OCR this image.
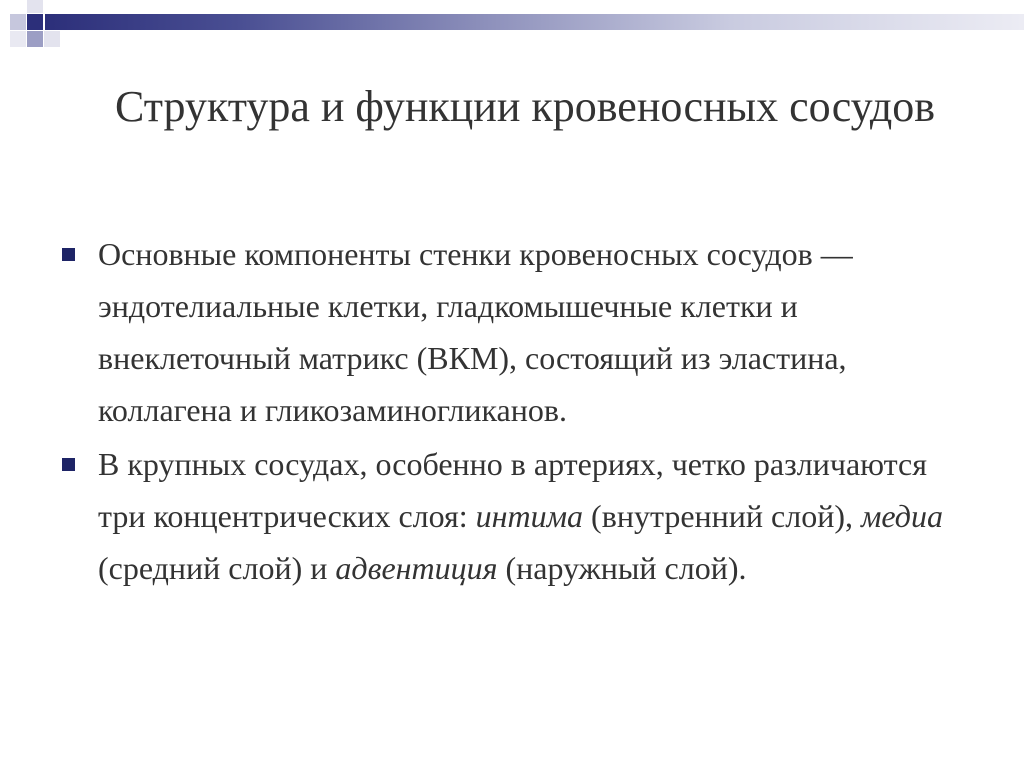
Структура и функции кровеносных сосудов
Основные компоненты стенки кровеносных сосудов — эндотелиальные клетки, гладкомышечные клетки и внеклеточный матрикс (ВКМ), состоящий из эластина, коллагена и гликозаминогликанов.
В крупных сосудах, особенно в артериях, четко различаются три концентрических слоя: интима (внутренний слой), медиа (средний слой) и адвентиция (наружный слой).
